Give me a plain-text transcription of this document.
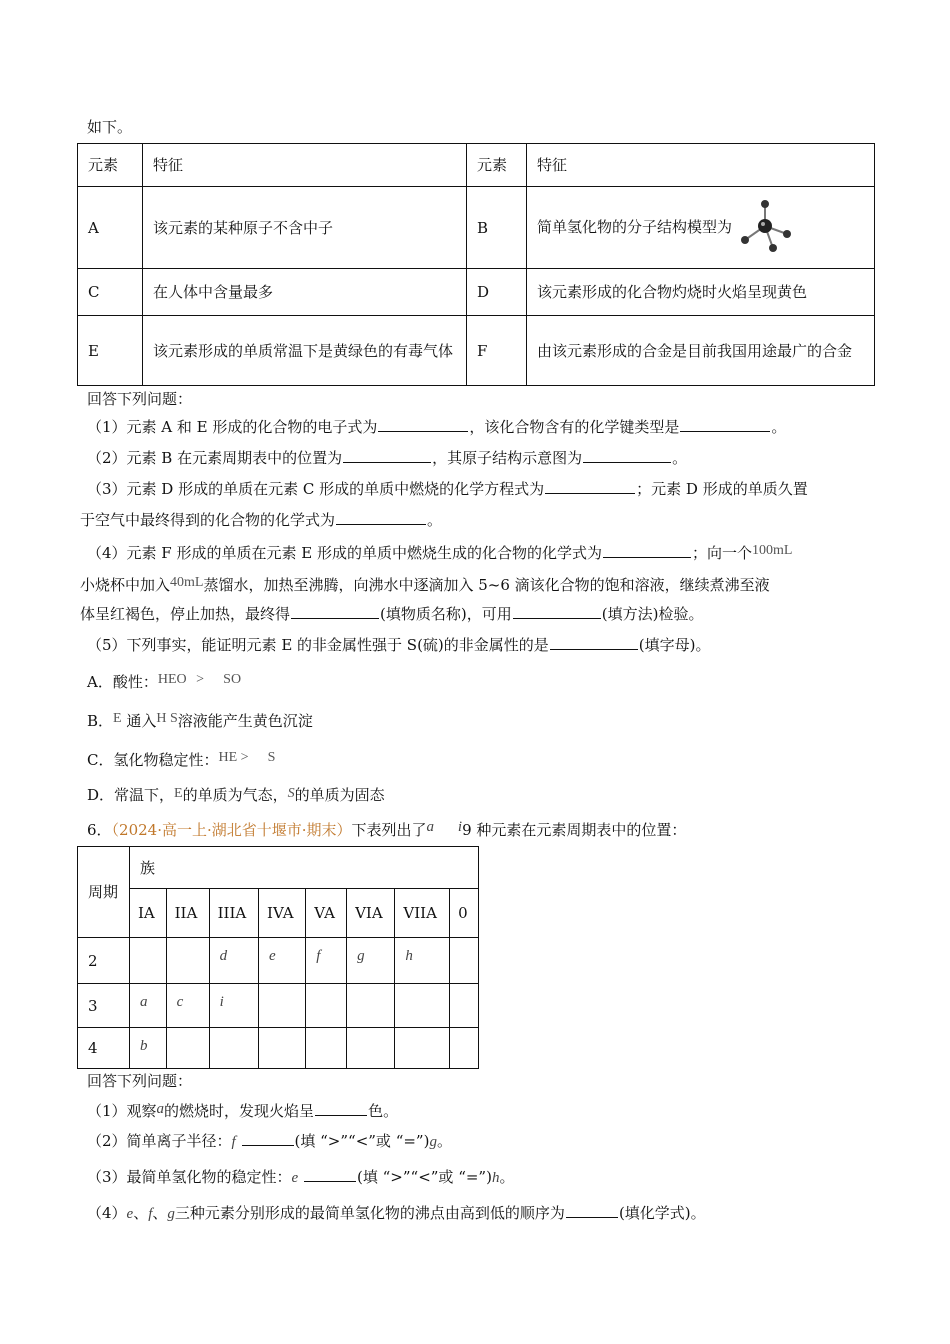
如下。
元素	特征	元素	特征
A	该元素的某种原子不含中子	B	简单氢化物的分子结构模型为
C	在人体中含量最多	D	该元素形成的化合物灼烧时火焰呈现黄色
E	该元素形成的单质常温下是黄绿色的有毒气体	F	由该元素形成的合金是目前我国用途最广的合金
回答下列问题：
（1）元素 A 和 E 形成的化合物的电子式为	，该化合物含有的化学键类型是	。
（2）元素 B 在元素周期表中的位置为	，其原子结构示意图为	。
（3）元素 D 形成的单质在元素 C 形成的单质中燃烧的化学方程式为	；元素 D 形成的单质久置
于空气中最终得到的化合物的化学式为	。
（4）元素 F 形成的单质在元素 E 形成的单质中燃烧生成的化合物的化学式为	；向一个100mL
小烧杯中加入40mL蒸馏水，加热至沸腾，向沸水中逐滴加入 5~6 滴该化合物的饱和溶液，继续煮沸至液
体呈红褐色，停止加热，最终得	(填物质名称)，可用	(填方法)检验。
（5）下列事实，能证明元素 E 的非金属性强于 S(硫)的非金属性的是	(填字母)。
A．酸性：HEO > SO
B．E 通入H S溶液能产生黄色沉淀
C．氢化物稳定性：HE > S
D．常温下，E的单质为气态，S的单质为固态
6．（2024·高一上·湖北省十堰市·期末）下表列出了a i9 种元素在元素周期表中的位置：
周期	族							
	IA	IIA	IIIA	IVA	VA	VIA	VIIA	0
2			d	e	f	g	h	
3	a	c	i					
4	b							
回答下列问题：
（1）观察a的燃烧时，发现火焰呈	色。
（2）简单离子半径：f	(填 “>”“<”或 “=”)g。
（3）最简单氢化物的稳定性：e	(填 “>”“<”或 “=”)h。
（4）e、f、g三种元素分别形成的最简单氢化物的沸点由高到低的顺序为	(填化学式)。
